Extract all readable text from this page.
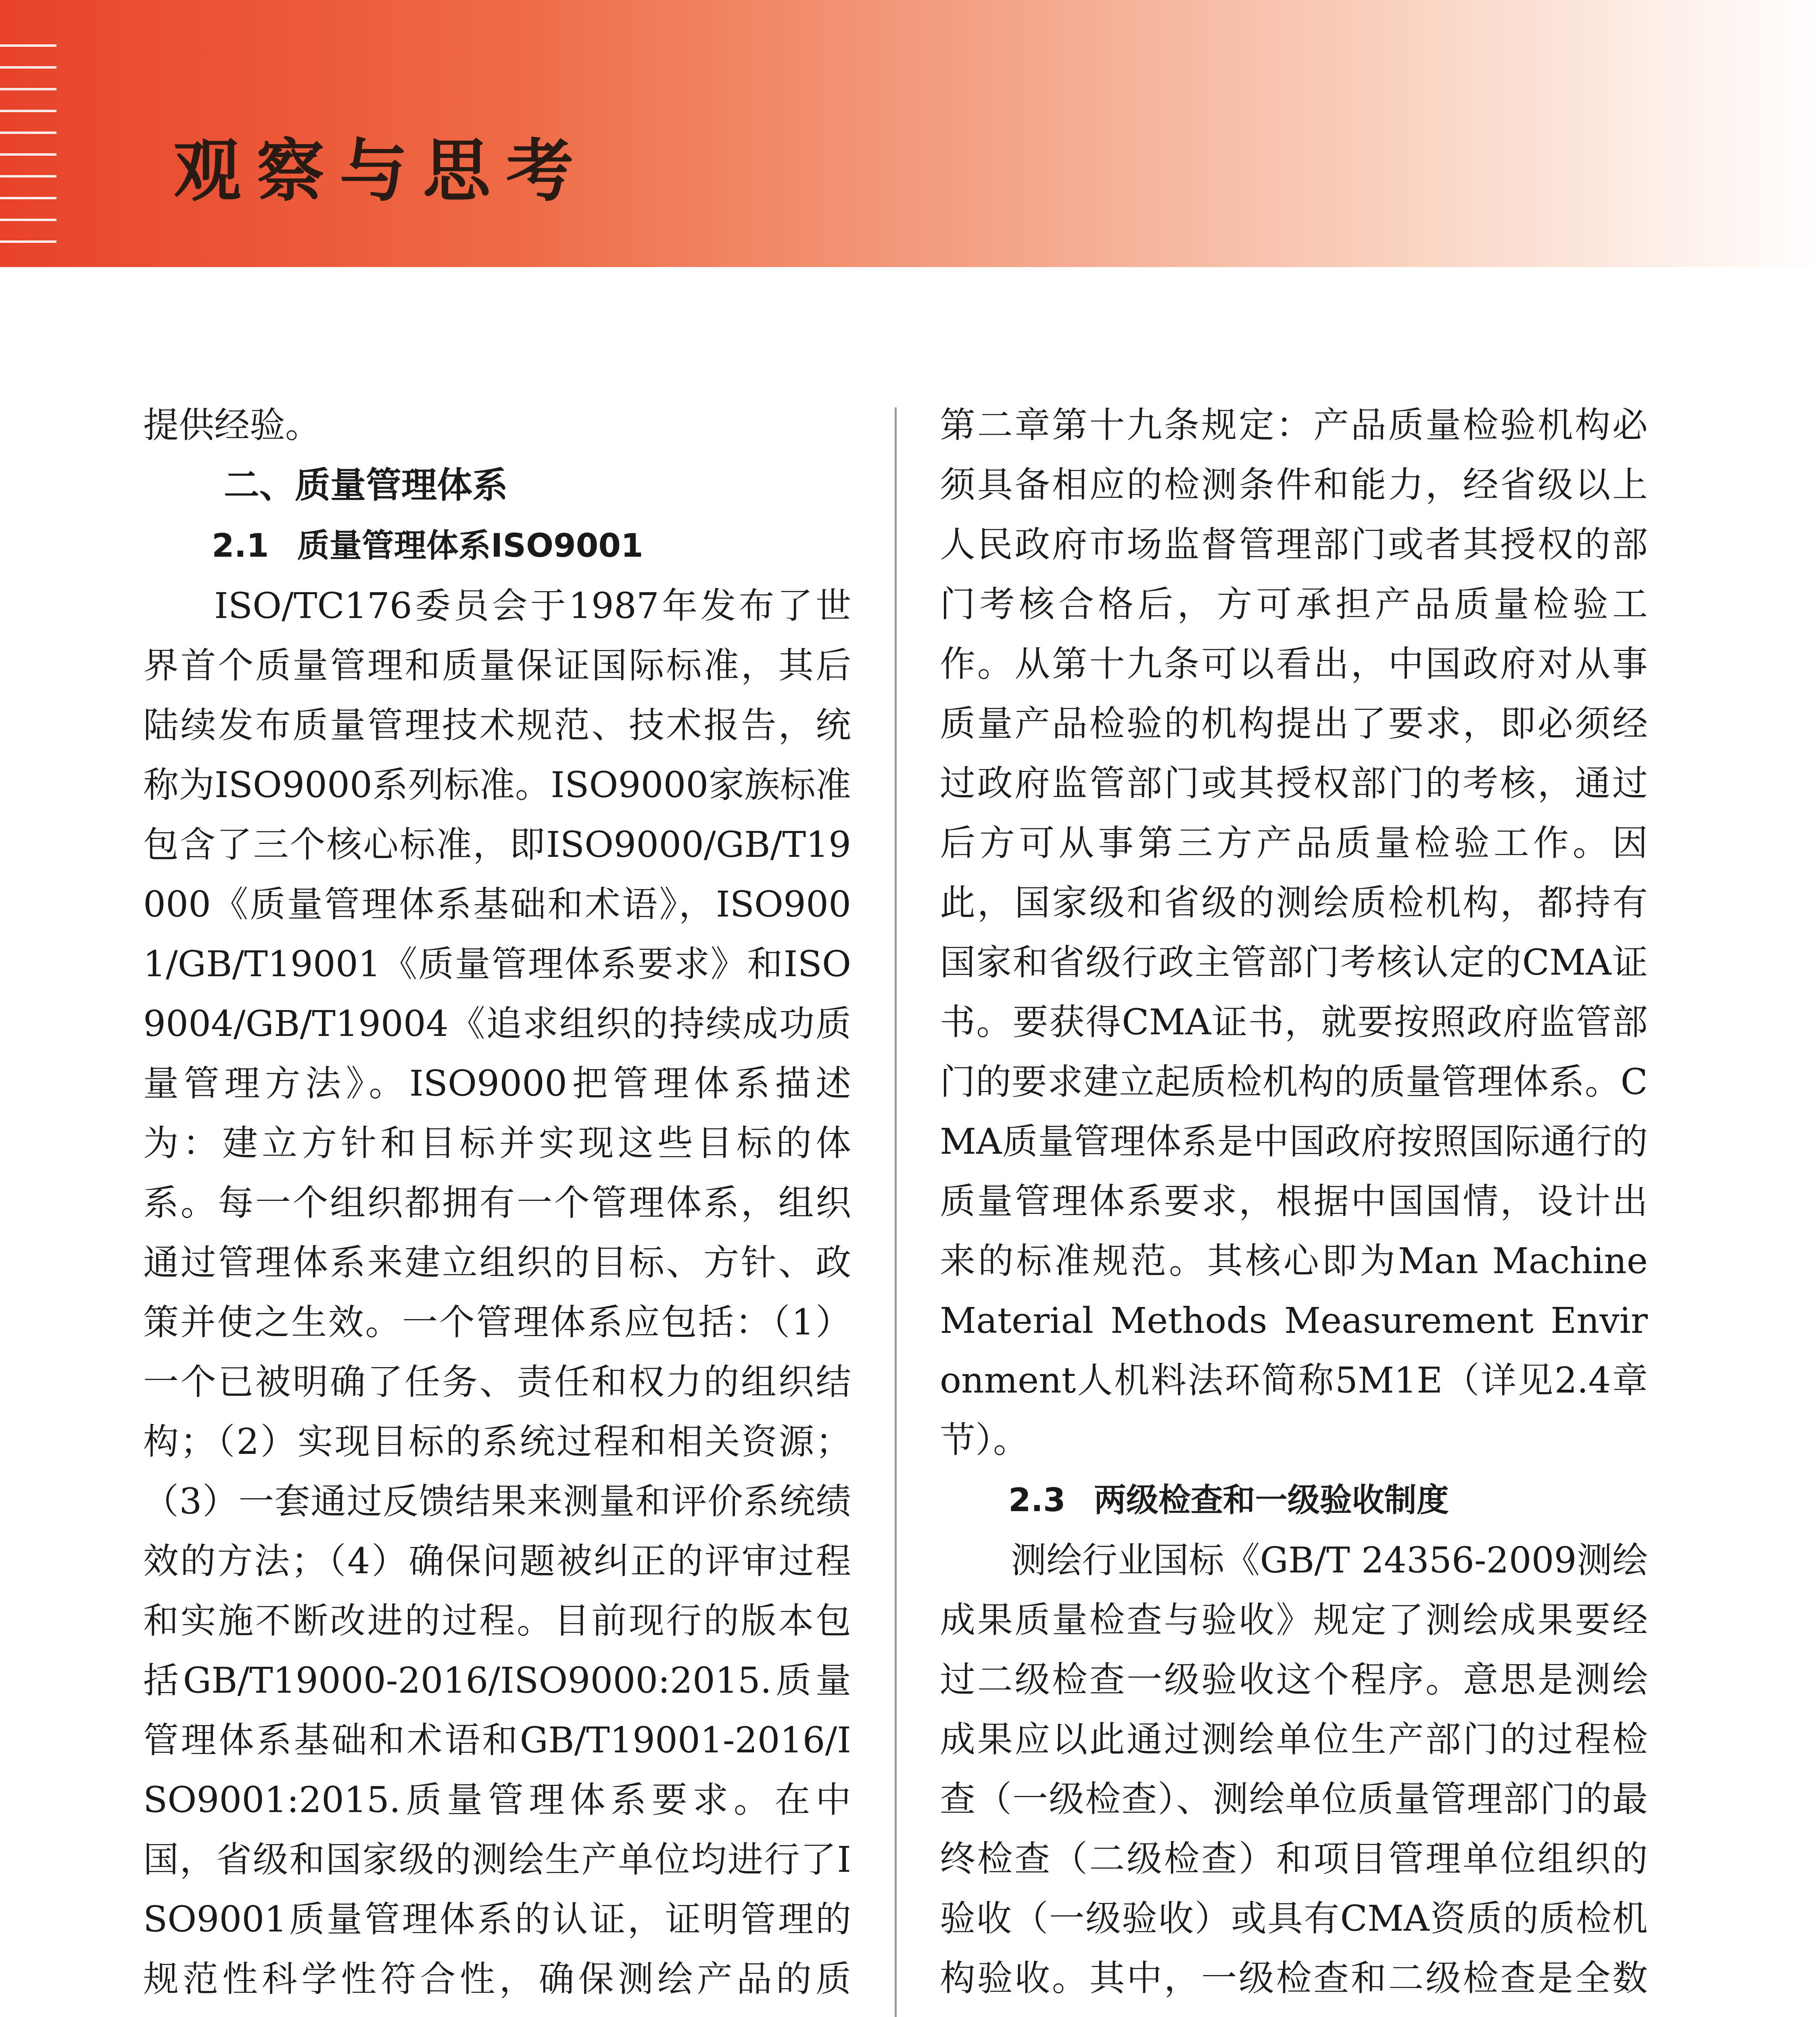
观察与思考

提供经验。

二、质量管理体系

2.1 质量管理体系ISO9001

ISO/TC176委员会于1987年发布了世界首个质量管理和质量保证国际标准，其后陆续发布质量管理技术规范、技术报告，统称为ISO9000系列标准。ISO9000家族标准包含了三个核心标准，即ISO9000/GB/T19000《质量管理体系基础和术语》，ISO9001/GB/T19001《质量管理体系要求》和ISO9004/GB/T19004《追求组织的持续成功质量管理方法》。ISO9000把管理体系描述为：建立方针和目标并实现这些目标的体系。每一个组织都拥有一个管理体系，组织通过管理体系来建立组织的目标、方针、政策并使之生效。一个管理体系应包括：（1）一个已被明确了任务、责任和权力的组织结构；（2）实现目标的系统过程和相关资源；（3）一套通过反馈结果来测量和评价系统绩效的方法；（4）确保问题被纠正的评审过程和实施不断改进的过程。目前现行的版本包括GB/T19000-2016/ISO9000:2015.质量管理体系基础和术语和GB/T19001-2016/ISO9001:2015.质量管理体系要求。在中国，省级和国家级的测绘生产单位均进行了ISO9001质量管理体系的认证，证明管理的规范性科学性符合性，确保测绘产品的质

第二章第十九条规定：产品质量检验机构必须具备相应的检测条件和能力，经省级以上人民政府市场监督管理部门或者其授权的部门考核合格后，方可承担产品质量检验工作。从第十九条可以看出，中国政府对从事质量产品检验的机构提出了要求，即必须经过政府监管部门或其授权部门的考核，通过后方可从事第三方产品质量检验工作。因此，国家级和省级的测绘质检机构，都持有国家和省级行政主管部门考核认定的CMA证书。要获得CMA证书，就要按照政府监管部门的要求建立起质检机构的质量管理体系。CMA质量管理体系是中国政府按照国际通行的质量管理体系要求，根据中国国情，设计出来的标准规范。其核心即为Man Machine Material Methods Measurement Environment人机料法环简称5M1E（详见2.4章节）。

2.3 两级检查和一级验收制度

测绘行业国标《GB/T 24356-2009测绘成果质量检查与验收》规定了测绘成果要经过二级检查一级验收这个程序。意思是测绘成果应以此通过测绘单位生产部门的过程检查（一级检查）、测绘单位质量管理部门的最终检查（二级检查）和项目管理单位组织的验收（一级验收）或具有CMA资质的质检机构验收。其中，一级检查和二级检查是全数
